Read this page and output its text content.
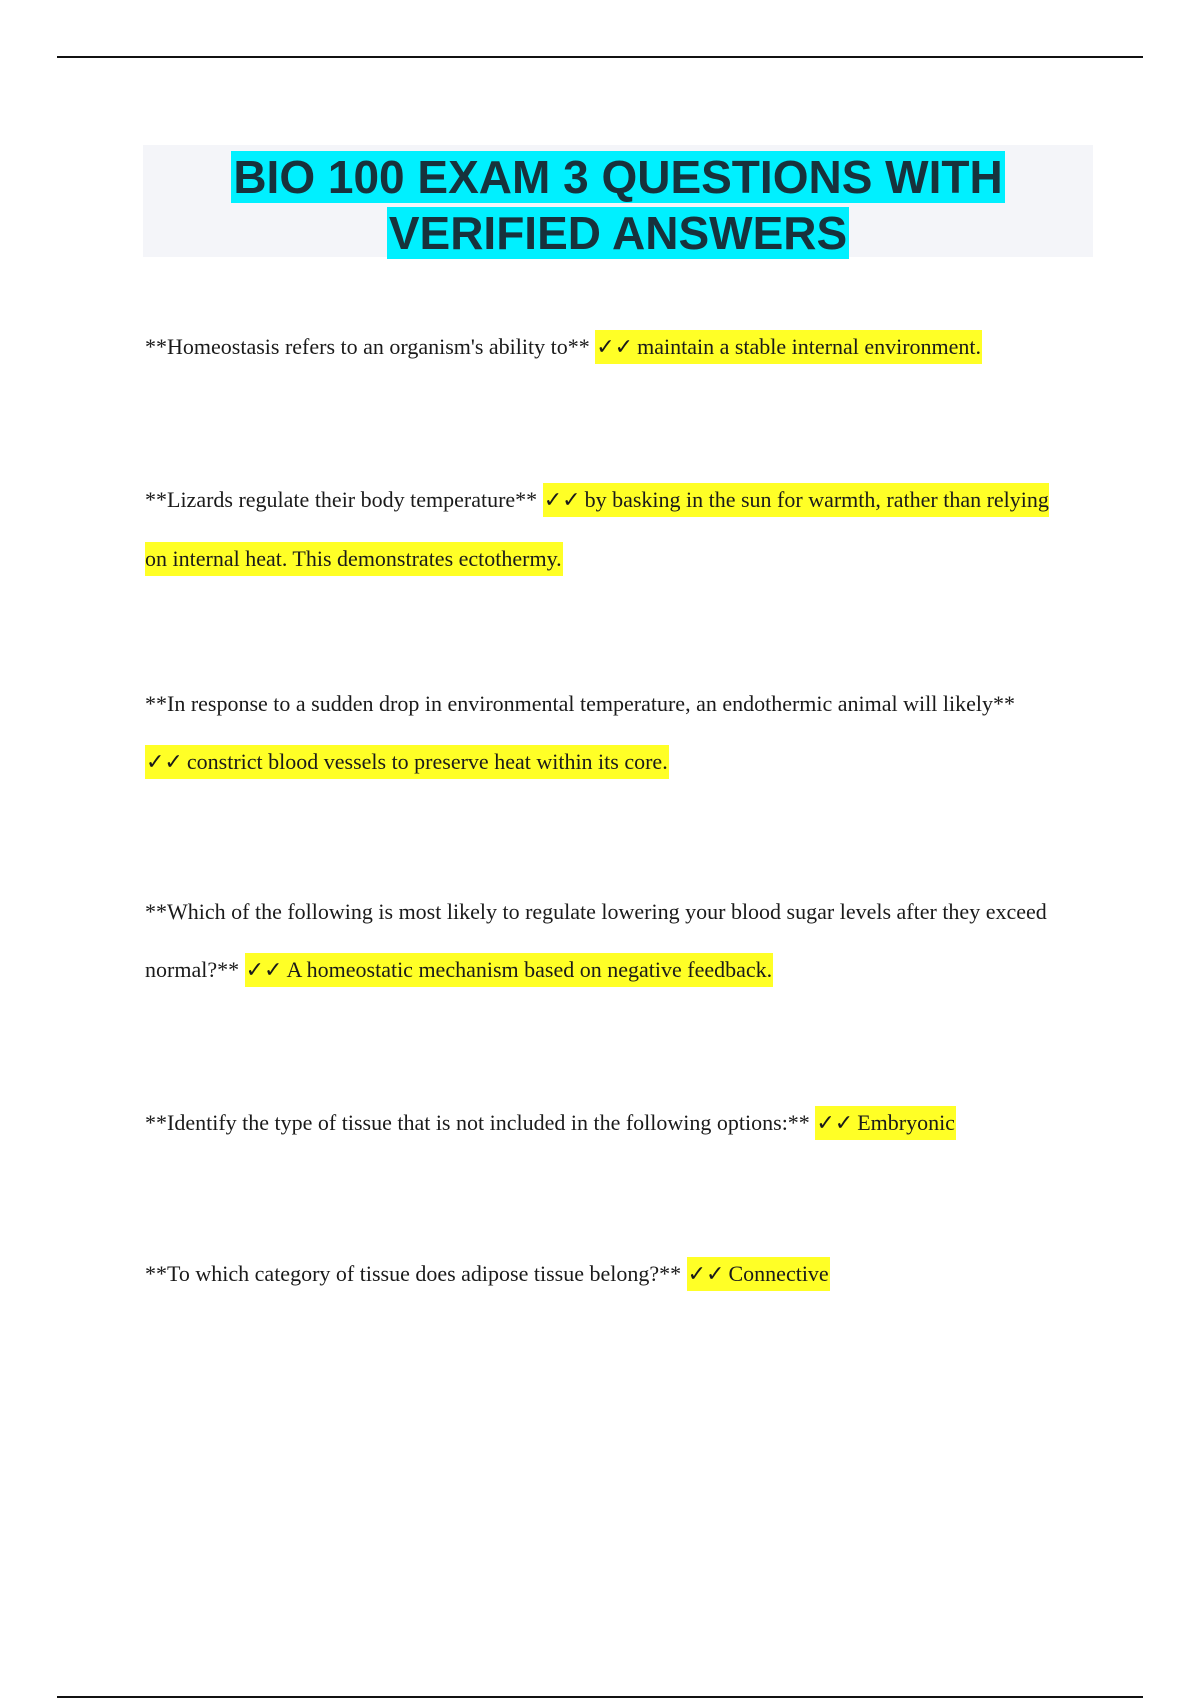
BIO 100 EXAM 3 QUESTIONS WITH
VERIFIED ANSWERS

**Homeostasis refers to an organism's ability to** ✓✓ maintain a stable internal environment.

**Lizards regulate their body temperature** ✓✓ by basking in the sun for warmth, rather than relying on internal heat. This demonstrates ectothermy.

**In response to a sudden drop in environmental temperature, an endothermic animal will likely** ✓✓ constrict blood vessels to preserve heat within its core.

**Which of the following is most likely to regulate lowering your blood sugar levels after they exceed normal?** ✓✓ A homeostatic mechanism based on negative feedback.

**Identify the type of tissue that is not included in the following options:** ✓✓ Embryonic

**To which category of tissue does adipose tissue belong?** ✓✓ Connective
